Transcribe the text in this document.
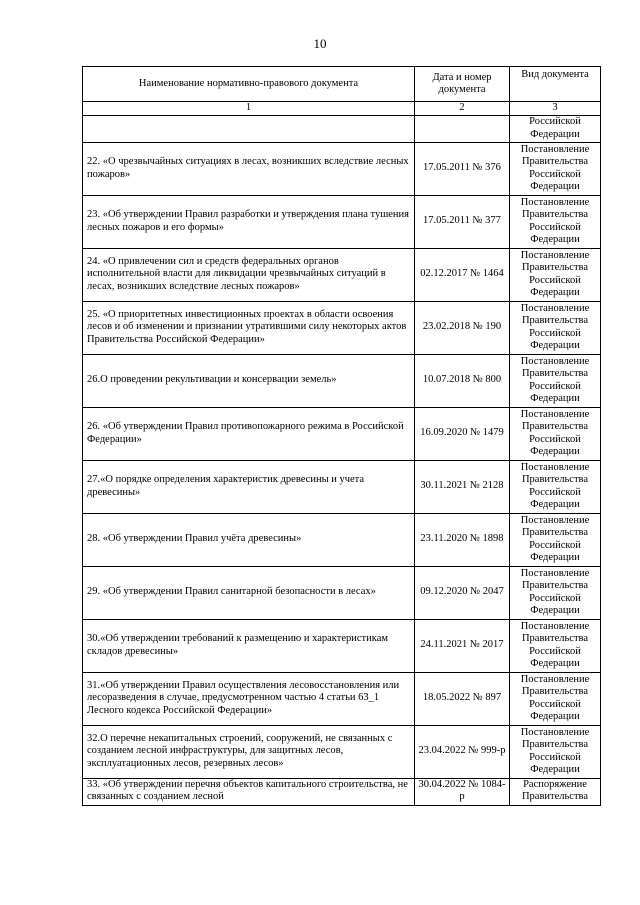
10
Наименование нормативно-правового документа	Дата и номер документа	Вид документа
1	2	3

		Российской
Федерации

22. «О чрезвычайных ситуациях в лесах, возникших вследствие лесных пожаров»	17.05.2011 № 376	Постановление
Правительства
Российской
Федерации

23. «Об утверждении Правил разработки и утверждения плана тушения лесных пожаров и его формы»	17.05.2011 № 377	Постановление
Правительства
Российской
Федерации

24. «О привлечении сил и средств федеральных органов исполнительной власти для ликвидации чрезвычайных ситуаций в лесах, возникших вследствие лесных пожаров»	02.12.2017 № 1464	Постановление
Правительства
Российской
Федерации

25. «О приоритетных инвестиционных проектах в области освоения лесов и об изменении и признании утратившими силу некоторых актов Правительства Российской Федерации»	23.02.2018 № 190	Постановление
Правительства
Российской
Федерации

26.О проведении рекультивации и консервации земель»	10.07.2018 № 800	Постановление
Правительства
Российской
Федерации

26. «Об утверждении Правил противопожарного режима в Российской Федерации»	16.09.2020 № 1479	Постановление
Правительства
Российской
Федерации

27.«О порядке определения характеристик древесины и учета древесины»	30.11.2021 № 2128	Постановление
Правительства
Российской
Федерации

28. «Об утверждении Правил учёта древесины»	23.11.2020 № 1898	Постановление
Правительства
Российской
Федерации

29. «Об утверждении Правил санитарной безопасности в лесах»	09.12.2020 № 2047	Постановление
Правительства
Российской
Федерации

30.«Об утверждении требований к размещению и характеристикам складов древесины»	24.11.2021 № 2017	Постановление
Правительства
Российской
Федерации

31.«Об утверждении Правил осуществления лесовосстановления или лесоразведения в случае, предусмотренном частью 4 статьи 63_1 Лесного кодекса Российской Федерации»	18.05.2022 № 897	Постановление
Правительства
Российской
Федерации

32.О перечне некапитальных строений, сооружений, не связанных с созданием лесной инфраструктуры, для защитных лесов, эксплуатационных лесов, резервных лесов»	23.04.2022 № 999-р	Постановление
Правительства
Российской
Федерации

33. «Об утверждении перечня объектов капитального строительства, не связанных с созданием лесной	30.04.2022 № 1084-р	Распоряжение
Правительства
